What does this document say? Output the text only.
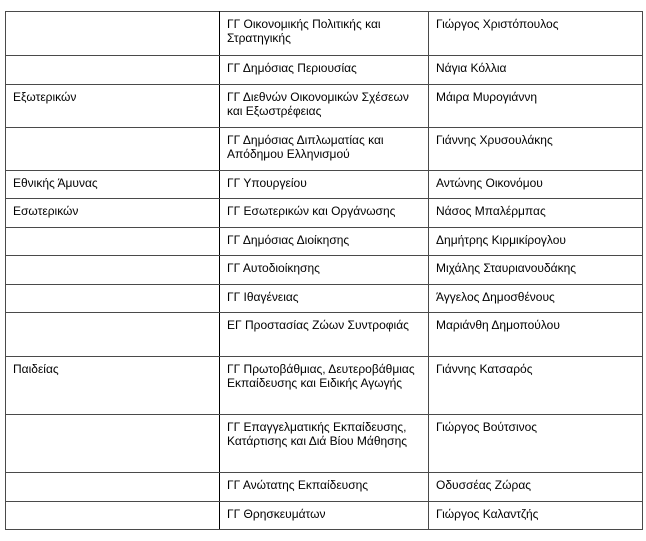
	ΓΓ Οικονομικής Πολιτικής και Στρατηγικής	Γιώργος Χριστόπουλος
	ΓΓ Δημόσιας Περιουσίας	Νάγια Κόλλια
Εξωτερικών	ΓΓ Διεθνών Οικονομικών Σχέσεων και Εξωστρέφειας	Μάιρα Μυρογιάννη
	ΓΓ Δημόσιας Διπλωματίας και Απόδημου Ελληνισμού	Γιάννης Χρυσουλάκης
Εθνικής Άμυνας	ΓΓ Υπουργείου	Αντώνης Οικονόμου
Εσωτερικών	ΓΓ Εσωτερικών και Οργάνωσης	Νάσος Μπαλέρμπας
	ΓΓ Δημόσιας Διοίκησης	Δημήτρης Κιρμικίρογλου
	ΓΓ Αυτοδιοίκησης	Μιχάλης Σταυριανουδάκης
	ΓΓ Ιθαγένειας	Άγγελος Δημοσθένους
	ΕΓ Προστασίας Ζώων Συντροφιάς	Μαριάνθη Δημοπούλου
Παιδείας	ΓΓ Πρωτοβάθμιας, Δευτεροβάθμιας Εκπαίδευσης και Ειδικής Αγωγής	Γιάννης Κατσαρός
	ΓΓ Επαγγελματικής Εκπαίδευσης, Κατάρτισης και Διά Βίου Μάθησης	Γιώργος Βούτσινος
	ΓΓ Ανώτατης Εκπαίδευσης	Οδυσσέας Ζώρας
	ΓΓ Θρησκευμάτων	Γιώργος Καλαντζής
